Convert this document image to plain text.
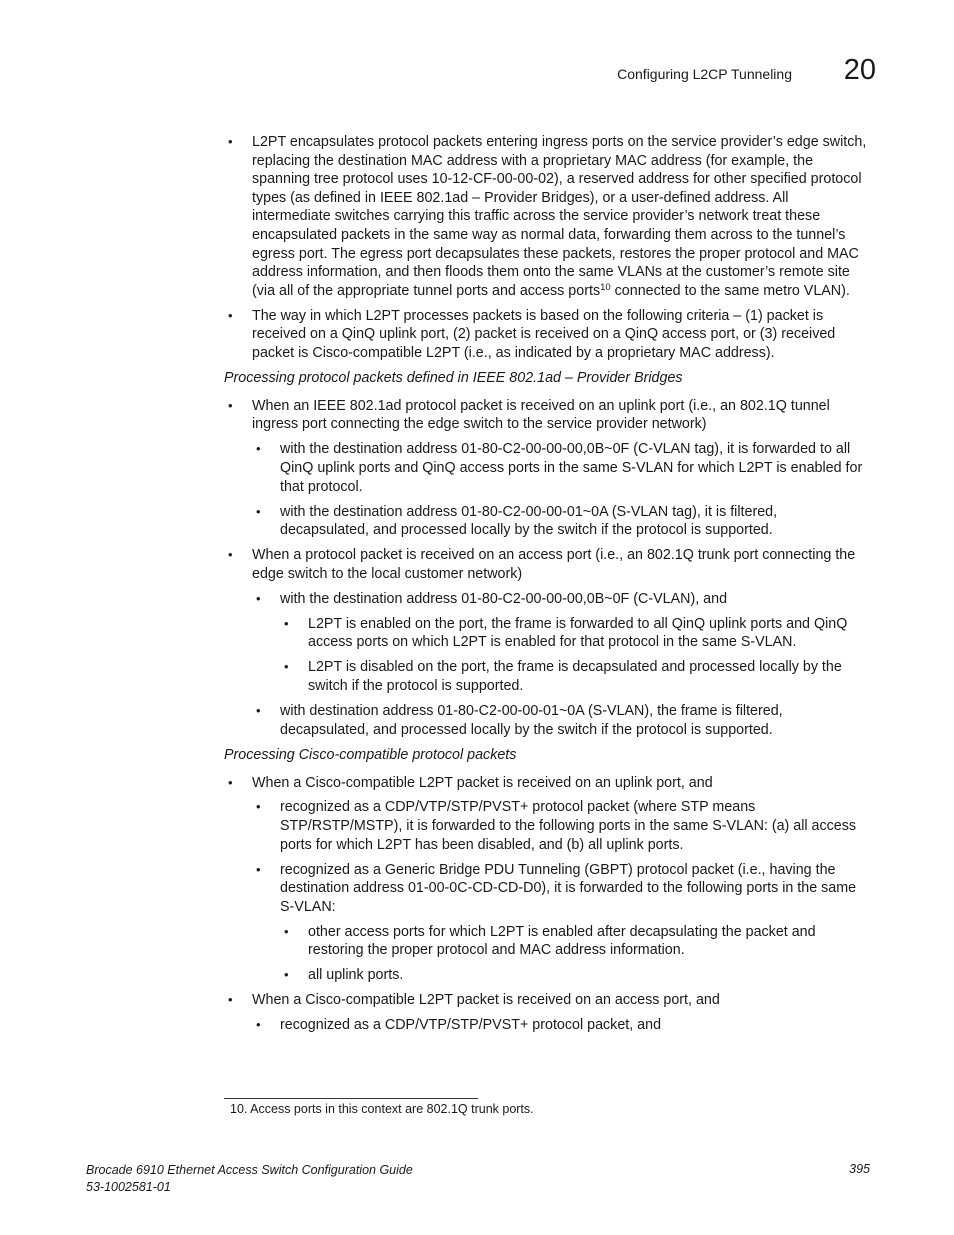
Configuring L2CP Tunneling	20
• L2PT encapsulates protocol packets entering ingress ports on the service provider’s edge switch, replacing the destination MAC address with a proprietary MAC address (for example, the spanning tree protocol uses 10-12-CF-00-00-02), a reserved address for other specified protocol types (as defined in IEEE 802.1ad – Provider Bridges), or a user-defined address. All intermediate switches carrying this traffic across the service provider’s network treat these encapsulated packets in the same way as normal data, forwarding them across to the tunnel’s egress port. The egress port decapsulates these packets, restores the proper protocol and MAC address information, and then floods them onto the same VLANs at the customer’s remote site (via all of the appropriate tunnel ports and access ports$^{10}$ connected to the same metro VLAN).
• The way in which L2PT processes packets is based on the following criteria – (1) packet is received on a QinQ uplink port, (2) packet is received on a QinQ access port, or (3) received packet is Cisco-compatible L2PT (i.e., as indicated by a proprietary MAC address).
Processing protocol packets defined in IEEE 802.1ad – Provider Bridges
• When an IEEE 802.1ad protocol packet is received on an uplink port (i.e., an 802.1Q tunnel ingress port connecting the edge switch to the service provider network)
• with the destination address 01-80-C2-00-00-00,0B~0F (C-VLAN tag), it is forwarded to all QinQ uplink ports and QinQ access ports in the same S-VLAN for which L2PT is enabled for that protocol.
• with the destination address 01-80-C2-00-00-01~0A (S-VLAN tag), it is filtered, decapsulated, and processed locally by the switch if the protocol is supported.
• When a protocol packet is received on an access port (i.e., an 802.1Q trunk port connecting the edge switch to the local customer network)
• with the destination address 01-80-C2-00-00-00,0B~0F (C-VLAN), and
• L2PT is enabled on the port, the frame is forwarded to all QinQ uplink ports and QinQ access ports on which L2PT is enabled for that protocol in the same S-VLAN.
• L2PT is disabled on the port, the frame is decapsulated and processed locally by the switch if the protocol is supported.
• with destination address 01-80-C2-00-00-01~0A (S-VLAN), the frame is filtered, decapsulated, and processed locally by the switch if the protocol is supported.
Processing Cisco-compatible protocol packets
• When a Cisco-compatible L2PT packet is received on an uplink port, and
• recognized as a CDP/VTP/STP/PVST+ protocol packet (where STP means STP/RSTP/MSTP), it is forwarded to the following ports in the same S-VLAN: (a) all access ports for which L2PT has been disabled, and (b) all uplink ports.
• recognized as a Generic Bridge PDU Tunneling (GBPT) protocol packet (i.e., having the destination address 01-00-0C-CD-CD-D0), it is forwarded to the following ports in the same S-VLAN:
• other access ports for which L2PT is enabled after decapsulating the packet and restoring the proper protocol and MAC address information.
• all uplink ports.
• When a Cisco-compatible L2PT packet is received on an access port, and
• recognized as a CDP/VTP/STP/PVST+ protocol packet, and
10. Access ports in this context are 802.1Q trunk ports.
Brocade 6910 Ethernet Access Switch Configuration Guide
53-1002581-01
395
